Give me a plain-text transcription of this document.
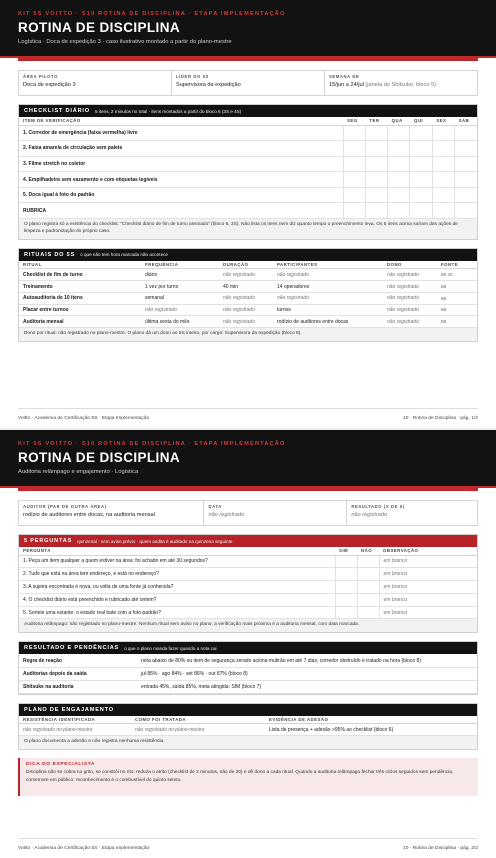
KIT 5S VOITTO · S10 ROTINA DE DISCIPLINA · ETAPA IMPLEMENTAÇÃO
ROTINA DE DISCIPLINA
Logística · Doca de expedição 3 · caso ilustrativo montado a partir do plano-mestre
ÁREA PILOTO
Doca de expedição 3
LÍDER DO 5S
Supervisora da expedição
SEMANA DE
15/jun a 24/jul (janela do Shitsuke, bloco 5)
CHECKLIST DIÁRIO 5 itens, 2 minutos no total · itens montados a partir do bloco 6 (3S e 4S)
ITEM DE VERIFICAÇÃO	SEG	TER	QUA	QUI	SEX	SÁB
1. Corredor de emergência (faixa vermelha) livre						
2. Faixa amarela de circulação sem palete						
3. Filme stretch no coletor						
4. Empilhadeira sem vazamento e com etiquetas legíveis						
5. Doca igual à foto do padrão						
RUBRICA						
O plano registra só a existência do checklist: “Checklist diário de fim de turno assinado” (bloco 6, 3S). Não lista os itens nem diz quanto tempo o preenchimento leva. Os 5 itens acima saíram das ações de limpeza e padronização do próprio caso.
RITUAIS DO 5S o que não tem hora marcada não acontece
RITUAL	FREQUÊNCIA	DURAÇÃO	PARTICIPANTES	DONO	FONTE
Checklist de fim de turno	diário	não registrado	não registrado	não registrado	B6 3S
Treinamento	1 vez por turno	40 min	14 operadores	não registrado	B6
Autoauditoria de 10 itens	semanal	não registrado	não registrado	não registrado	B6
Placar entre turnos	não registrado	não registrado	turnos	não registrado	B6
Auditoria mensal	última sexta do mês	não registrado	rodízio de auditores entre docas	não registrado	B8
Dono por ritual: não registrado no plano-mestre. O plano dá um dono ao 5S inteiro, por cargo: Supervisora da expedição (bloco 8).
Voitto · Academia de Certificação 5S · Etapa Implementação	10 · Rotina de Disciplina · pág. 1/2
KIT 5S VOITTO · S10 ROTINA DE DISCIPLINA · ETAPA IMPLEMENTAÇÃO
ROTINA DE DISCIPLINA
Auditoria relâmpago e engajamento · Logística
AUDITOR (PAR DE OUTRA ÁREA)
rodízio de auditores entre docas, na auditoria mensal
DATA
não registrado
RESULTADO (X DE 5)
não registrado
5 PERGUNTAS quinzenal · sem aviso prévio · quem audita é auditado na quinzena seguinte
PERGUNTA	SIM	NÃO	OBSERVAÇÃO
1. Peça um item qualquer a quem estiver na área: foi achado em até 30 segundos?			em branco
2. Tudo que está na área tem endereço, e está no endereço?			em branco
3. A sujeira encontrada é nova, ou volta de uma fonte já conhecida?			em branco
4. O checklist diário está preenchido e rubricado até ontem?			em branco
5. Sorteie uma estante: o estado real bate com a foto-padrão?			em branco
Auditoria relâmpago: não registrado no plano-mestre. Nenhum ritual sem aviso no plano; a verificação mais próxima é a auditoria mensal, com data marcada.
RESULTADO E PENDÊNCIAS o que o plano manda fazer quando a nota cai
Regra de reação	nota abaixo de 80% ou item de segurança zerado aciona mutirão em até 7 dias; corredor obstruído é tratado na hora (bloco 8)
Auditorias depois da saída	jul 85% · ago 84% · set 86% · out 87% (bloco 8)
Shitsuke na auditoria	entrada 45%, saída 85%, meta atingida: SIM (bloco 7)
PLANO DE ENGAJAMENTO
RESISTÊNCIA IDENTIFICADA	COMO FOI TRATADA	EVIDÊNCIA DE ADESÃO
não registrado no plano-mestre	não registrado no plano-mestre	Lista de presença + adesão >95% ao checklist (bloco 6)
O plano documenta a adesão e não registra nenhuma resistência.
DICA DO ESPECIALISTA
Disciplina não se cobra no grito, se constrói no rito: reduza o atrito (checklist de 2 minutos, não de 20) e dê dono a cada ritual. Quando a auditoria relâmpago fechar três ciclos seguidos sem pendência, comemore em público: reconhecimento é o combustível do quinto senso.
Voitto · Academia de Certificação 5S · Etapa Implementação	10 · Rotina de Disciplina · pág. 2/2
